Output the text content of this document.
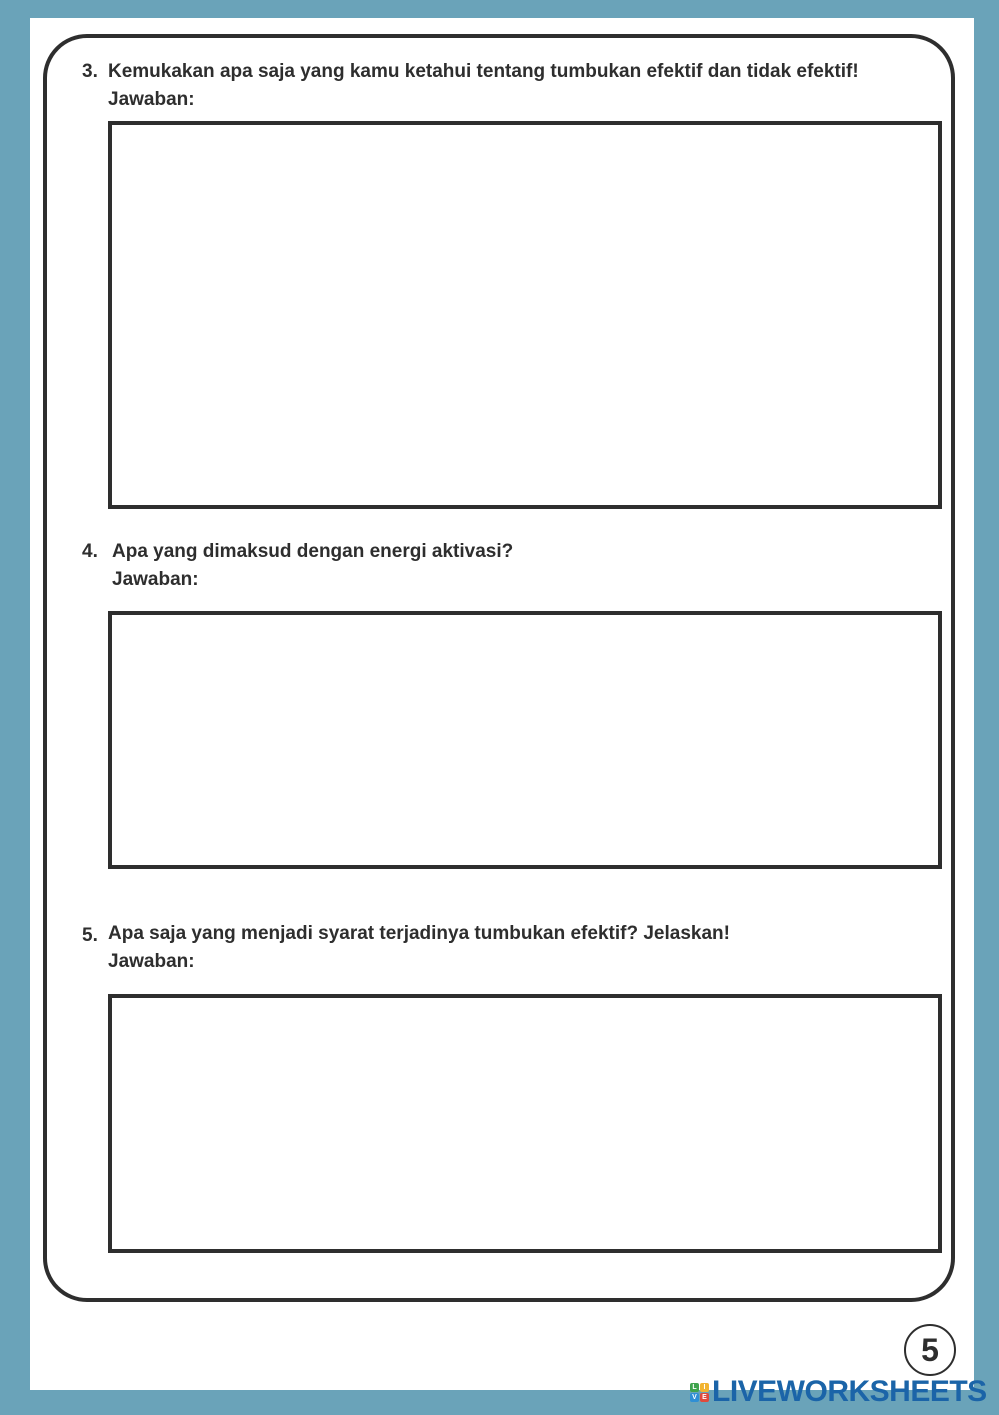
3. Kemukakan apa saja yang kamu ketahui tentang tumbukan efektif dan tidak efektif!
Jawaban:
4. Apa yang dimaksud dengan energi aktivasi?
Jawaban:
5. Apa saja yang menjadi syarat terjadinya tumbukan efektif? Jelaskan!
Jawaban:
5
L I
V E LIVEWORKSHEETS
